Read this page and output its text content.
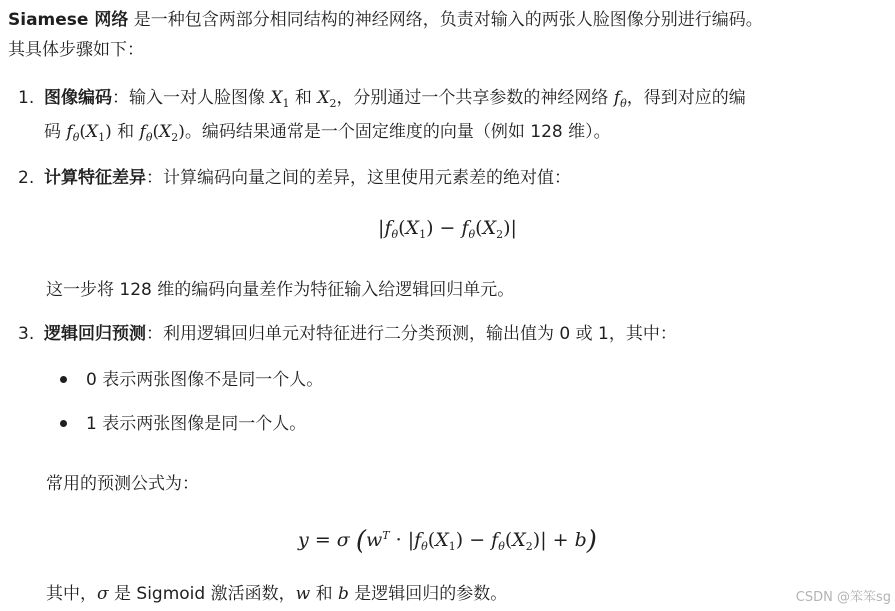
Siamese 网络 是一种包含两部分相同结构的神经网络，负责对输入的两张人脸图像分别进行编码。
其具体步骤如下：
1. 图像编码：输入一对人脸图像 $X_1$ 和 $X_2$，分别通过一个共享参数的神经网络 $f_\theta$，得到对应的编
码 $f_\theta(X_1)$ 和 $f_\theta(X_2)$。编码结果通常是一个固定维度的向量（例如 128 维）。
2. 计算特征差异：计算编码向量之间的差异，这里使用元素差的绝对值：
$|f_\theta(X_1) - f_\theta(X_2)|$
这一步将 128 维的编码向量差作为特征输入给逻辑回归单元。
3. 逻辑回归预测：利用逻辑回归单元对特征进行二分类预测，输出值为 0 或 1，其中：
0 表示两张图像不是同一个人。
1 表示两张图像是同一个人。
常用的预测公式为：
y = σ $(w^T \cdot |f_\theta(X_1) - f_\theta(X_2)| + b)$
其中，σ 是 Sigmoid 激活函数，w 和 b 是逻辑回归的参数。	CSDN @笨笨sg
